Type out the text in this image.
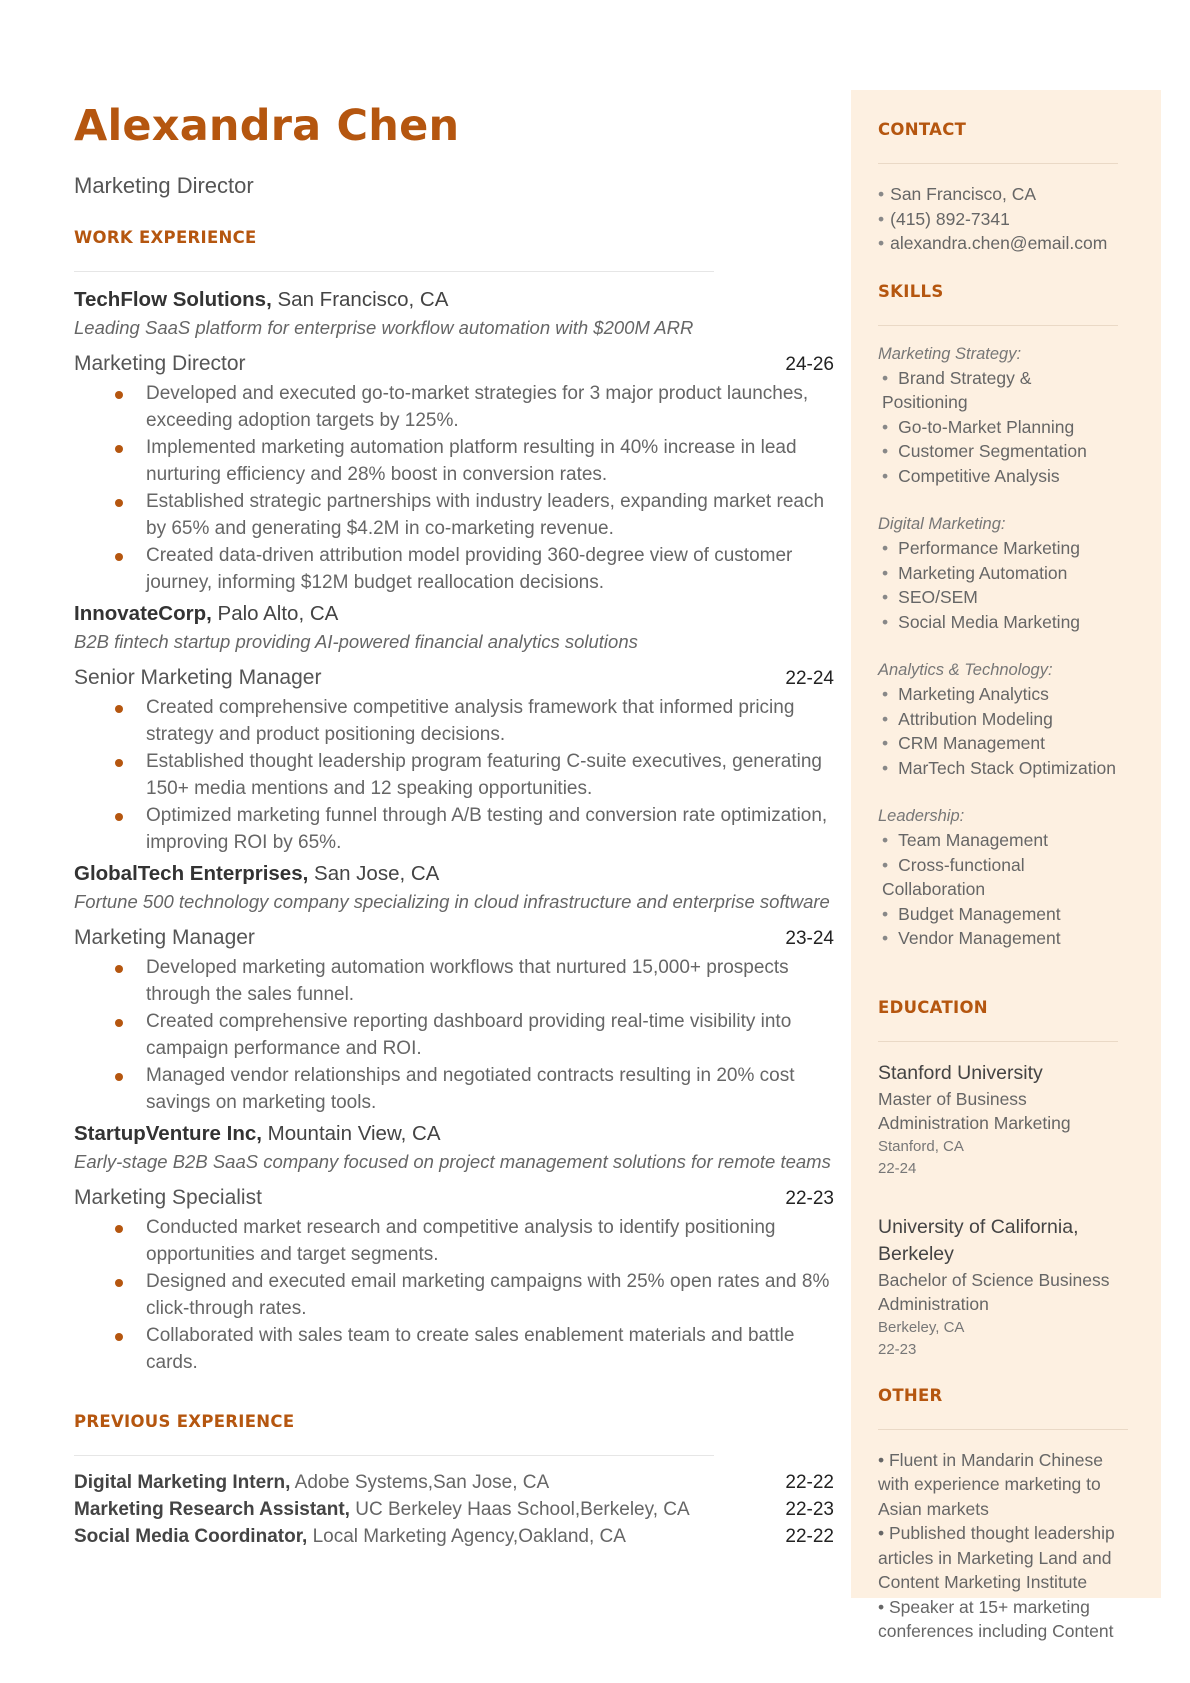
Alexandra Chen
Marketing Director
WORK EXPERIENCE
TechFlow Solutions, San Francisco, CA
Leading SaaS platform for enterprise workflow automation with $200M ARR
Marketing Director	24-26
Developed and executed go-to-market strategies for 3 major product launches, exceeding adoption targets by 125%.
Implemented marketing automation platform resulting in 40% increase in lead nurturing efficiency and 28% boost in conversion rates.
Established strategic partnerships with industry leaders, expanding market reach by 65% and generating $4.2M in co-marketing revenue.
Created data-driven attribution model providing 360-degree view of customer journey, informing $12M budget reallocation decisions.
InnovateCorp, Palo Alto, CA
B2B fintech startup providing AI-powered financial analytics solutions
Senior Marketing Manager	22-24
Created comprehensive competitive analysis framework that informed pricing strategy and product positioning decisions.
Established thought leadership program featuring C-suite executives, generating 150+ media mentions and 12 speaking opportunities.
Optimized marketing funnel through A/B testing and conversion rate optimization, improving ROI by 65%.
GlobalTech Enterprises, San Jose, CA
Fortune 500 technology company specializing in cloud infrastructure and enterprise software
Marketing Manager	23-24
Developed marketing automation workflows that nurtured 15,000+ prospects through the sales funnel.
Created comprehensive reporting dashboard providing real-time visibility into campaign performance and ROI.
Managed vendor relationships and negotiated contracts resulting in 20% cost savings on marketing tools.
StartupVenture Inc, Mountain View, CA
Early-stage B2B SaaS company focused on project management solutions for remote teams
Marketing Specialist	22-23
Conducted market research and competitive analysis to identify positioning opportunities and target segments.
Designed and executed email marketing campaigns with 25% open rates and 8% click-through rates.
Collaborated with sales team to create sales enablement materials and battle cards.
PREVIOUS EXPERIENCE
Digital Marketing Intern, Adobe Systems,San Jose, CA	22-22
Marketing Research Assistant, UC Berkeley Haas School,Berkeley, CA	22-23
Social Media Coordinator, Local Marketing Agency,Oakland, CA	22-22
CONTACT
• San Francisco, CA
• (415) 892-7341
• alexandra.chen@email.com
SKILLS
Marketing Strategy:
• Brand Strategy & Positioning
• Go-to-Market Planning
• Customer Segmentation
• Competitive Analysis
Digital Marketing:
• Performance Marketing
• Marketing Automation
• SEO/SEM
• Social Media Marketing
Analytics & Technology:
• Marketing Analytics
• Attribution Modeling
• CRM Management
• MarTech Stack Optimization
Leadership:
• Team Management
• Cross-functional Collaboration
• Budget Management
• Vendor Management
EDUCATION
Stanford University
Master of Business Administration Marketing
Stanford, CA
22-24
University of California, Berkeley
Bachelor of Science Business Administration
Berkeley, CA
22-23
OTHER
• Fluent in Mandarin Chinese with experience marketing to Asian markets
• Published thought leadership articles in Marketing Land and Content Marketing Institute
• Speaker at 15+ marketing conferences including Content
